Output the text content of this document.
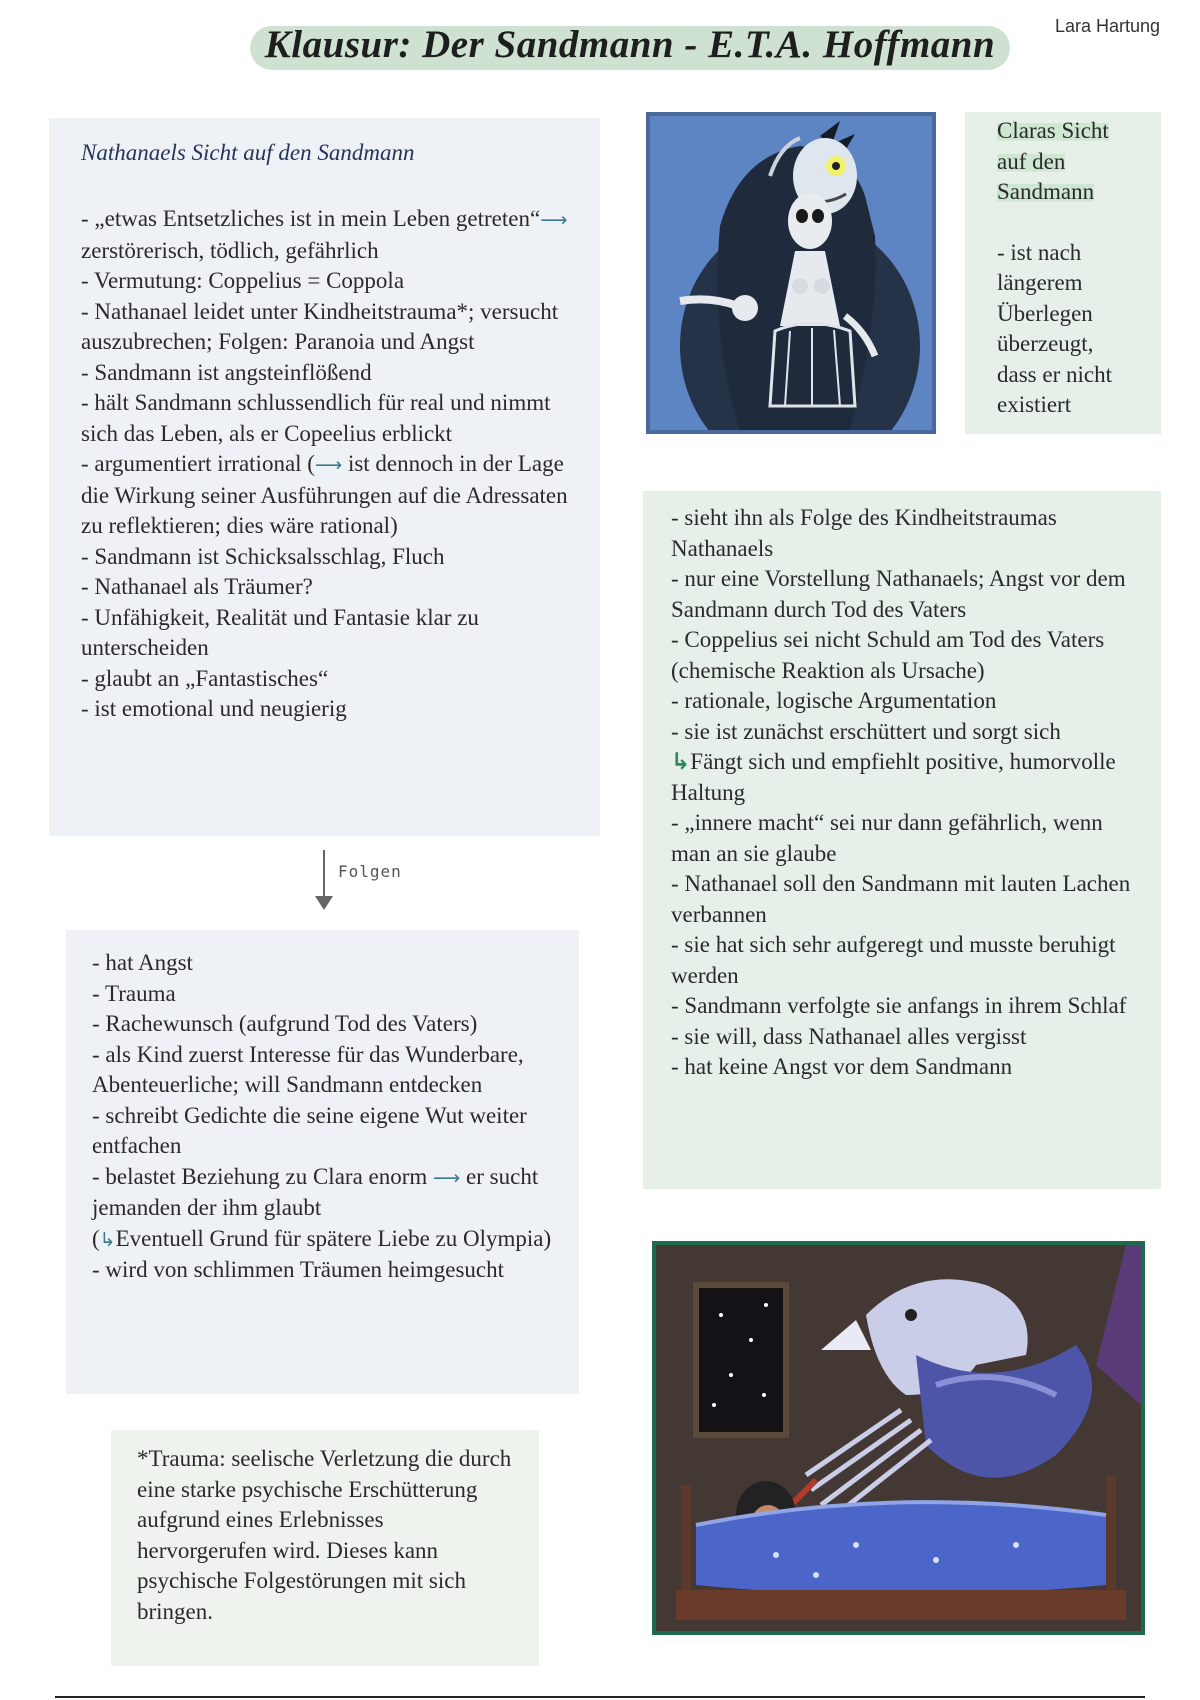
Lara Hartung
Klausur: Der Sandmann - E.T.A. Hoffmann
Nathanaels Sicht auf den Sandmann
- „etwas Entsetzliches ist in mein Leben getreten“⟶ zerstörerisch, tödlich, gefährlich
- Vermutung: Coppelius = Coppola
- Nathanael leidet unter Kindheitstrauma*; versucht auszubrechen; Folgen: Paranoia und Angst
- Sandmann ist angsteinflößend
- hält Sandmann schlussendlich für real und nimmt sich das Leben, als er Copeelius erblickt
- argumentiert irrational (⟶ ist dennoch in der Lage die Wirkung seiner Ausführungen auf die Adressaten zu reflektieren; dies wäre rational)
- Sandmann ist Schicksalsschlag, Fluch
- Nathanael als Träumer?
- Unfähigkeit, Realität und Fantasie klar zu unterscheiden
- glaubt an „Fantastisches“
- ist emotional und neugierig
Folgen
- hat Angst
- Trauma
- Rachewunsch (aufgrund Tod des Vaters)
- als Kind zuerst Interesse für das Wunderbare, Abenteuerliche; will Sandmann entdecken
- schreibt Gedichte die seine eigene Wut weiter entfachen
- belastet Beziehung zu Clara enorm ⟶ er sucht jemanden der ihm glaubt
(↳Eventuell Grund für spätere Liebe zu Olympia)
- wird von schlimmen Träumen heimgesucht

*Trauma: seelische Verletzung die durch eine starke psychische Erschütterung aufgrund eines Erlebnisses hervorgerufen wird. Dieses kann psychische Folgestörungen mit sich bringen.

Claras Sicht auf den Sandmann

- ist nach längerem Überlegen überzeugt, dass er nicht existiert

- sieht ihn als Folge des Kindheitstraumas Nathanaels
- nur eine Vorstellung Nathanaels; Angst vor dem Sandmann durch Tod des Vaters
- Coppelius sei nicht Schuld am Tod des Vaters (chemische Reaktion als Ursache)
- rationale, logische Argumentation
- sie ist zunächst erschüttert und sorgt sich
↳Fängt sich und empfiehlt positive, humorvolle Haltung
- „innere macht“ sei nur dann gefährlich, wenn man an sie glaube
- Nathanael soll den Sandmann mit lauten Lachen verbannen
- sie hat sich sehr aufgeregt und musste beruhigt werden
- Sandmann verfolgte sie anfangs in ihrem Schlaf
- sie will, dass Nathanael alles vergisst
- hat keine Angst vor dem Sandmann
